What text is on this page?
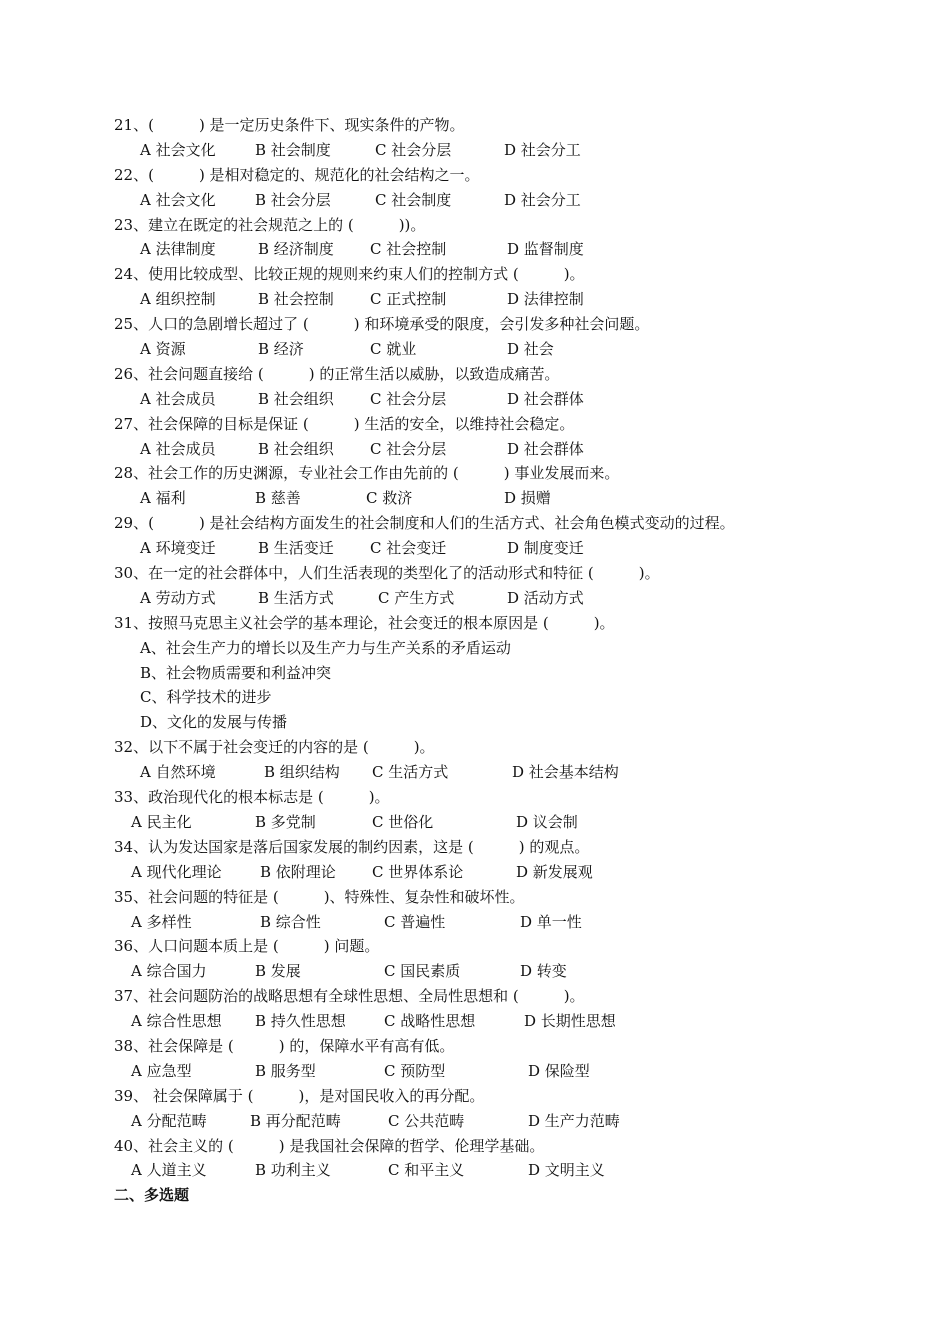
21、(　　　) 是一定历史条件下、现实条件的产物。
A 社会文化	B 社会制度	C 社会分层	D 社会分工
22、(　　　) 是相对稳定的、规范化的社会结构之一。
A 社会文化	B 社会分层	C 社会制度	D 社会分工
23、建立在既定的社会规范之上的 (　　　))。
A 法律制度	B 经济制度 C 社会控制	D 监督制度
24、使用比较成型、比较正规的规则来约束人们的控制方式 (　　　)。
A 组织控制	B 社会控制 C 正式控制	D 法律控制
25、人口的急剧增长超过了 (　　　) 和环境承受的限度，会引发多种社会问题。
A 资源	B 经济	C 就业	D 社会
26、社会问题直接给 (　　　) 的正常生活以威胁，以致造成痛苦。
A 社会成员	B 社会组织 C 社会分层	D 社会群体
27、社会保障的目标是保证 (　　　) 生活的安全，以维持社会稳定。
A 社会成员	B 社会组织 C 社会分层	D 社会群体
28、社会工作的历史渊源，专业社会工作由先前的 (　　　) 事业发展而来。
A 福利	B 慈善	C 救济	D 损赠
29、(　　　) 是社会结构方面发生的社会制度和人们的生活方式、社会角色模式变动的过程。
A 环境变迁	B 生活变迁 C 社会变迁	D 制度变迁
30、在一定的社会群体中，人们生活表现的类型化了的活动形式和特征 (　　　)。
A 劳动方式	B 生活方式	C 产生方式	D 活动方式
31、按照马克思主义社会学的基本理论，社会变迁的根本原因是 (　　　)。
A、社会生产力的增长以及生产力与生产关系的矛盾运动
B、社会物质需要和利益冲突
C、科学技术的进步
D、文化的发展与传播
32、以下不属于社会变迁的内容的是 (　　　)。
A 自然环境	B 组织结构 C 生活方式	D 社会基本结构
33、政治现代化的根本标志是 (　　　)。
A 民主化	B 多党制	C 世俗化	D 议会制
34、认为发达国家是落后国家发展的制约因素，这是 (　　　) 的观点。
A 现代化理论	B 依附理论 C 世界体系论	D 新发展观
35、社会问题的特征是 (　　　)、特殊性、复杂性和破坏性。
A 多样性	B 综合性	C 普遍性	D 单一性
36、人口问题本质上是 (　　　) 问题。
A 综合国力	B 发展	C 国民素质	D 转变
37、社会问题防治的战略思想有全球性思想、全局性思想和 (　　　)。
A 综合性思想 B 持久性思想	C 战略性思想	D 长期性思想
38、社会保障是 (　　　) 的，保障水平有高有低。
A 应急型	B 服务型	C 预防型	D 保险型
39、 社会保障属于 (　　　)，是对国民收入的再分配。
A 分配范畴	B 再分配范畴	C 公共范畴	D 生产力范畴
40、社会主义的 (　　　) 是我国社会保障的哲学、伦理学基础。
A 人道主义	B 功利主义	C 和平主义	D 文明主义
二、多选题
